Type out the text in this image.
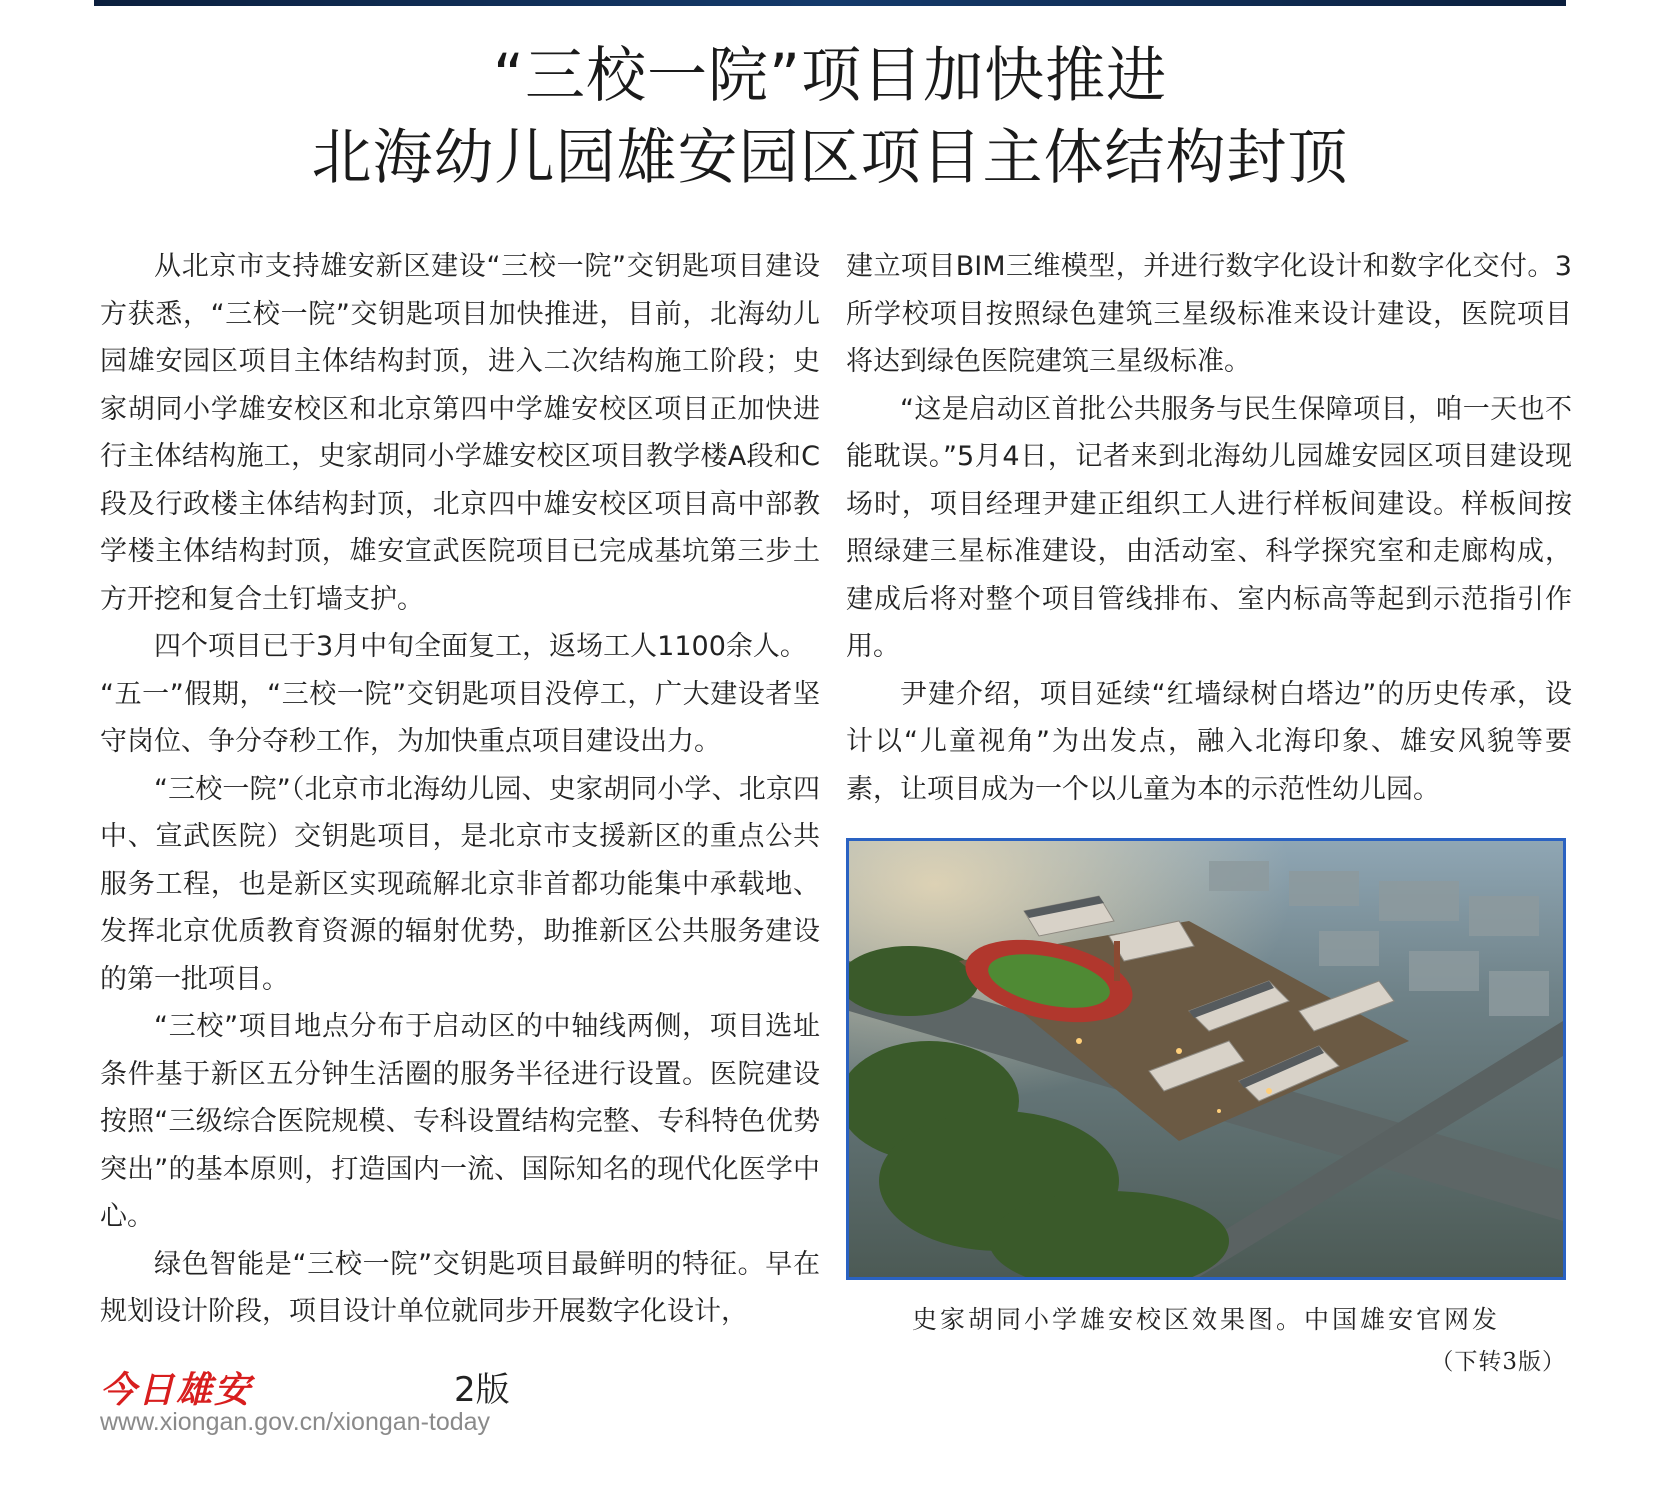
“三校一院”项目加快推进
北海幼儿园雄安园区项目主体结构封顶

从北京市支持雄安新区建设“三校一院”交钥匙项目建设方获悉，“三校一院”交钥匙项目加快推进，目前，北海幼儿园雄安园区项目主体结构封顶，进入二次结构施工阶段；史家胡同小学雄安校区和北京第四中学雄安校区项目正加快进行主体结构施工，史家胡同小学雄安校区项目教学楼A段和C段及行政楼主体结构封顶，北京四中雄安校区项目高中部教学楼主体结构封顶，雄安宣武医院项目已完成基坑第三步土方开挖和复合土钉墙支护。

四个项目已于3月中旬全面复工，返场工人1100余人。

“五一”假期，“三校一院”交钥匙项目没停工，广大建设者坚守岗位、争分夺秒工作，为加快重点项目建设出力。

“三校一院”（北京市北海幼儿园、史家胡同小学、北京四中、宣武医院）交钥匙项目，是北京市支援新区的重点公共服务工程，也是新区实现疏解北京非首都功能集中承载地、发挥北京优质教育资源的辐射优势，助推新区公共服务建设的第一批项目。

“三校”项目地点分布于启动区的中轴线两侧，项目选址条件基于新区五分钟生活圈的服务半径进行设置。医院建设按照“三级综合医院规模、专科设置结构完整、专科特色优势突出”的基本原则，打造国内一流、国际知名的现代化医学中心。

绿色智能是“三校一院”交钥匙项目最鲜明的特征。早在规划设计阶段，项目设计单位就同步开展数字化设计，

建立项目BIM三维模型，并进行数字化设计和数字化交付。3所学校项目按照绿色建筑三星级标准来设计建设，医院项目将达到绿色医院建筑三星级标准。

“这是启动区首批公共服务与民生保障项目，咱一天也不能耽误。”5月4日，记者来到北海幼儿园雄安园区项目建设现场时，项目经理尹建正组织工人进行样板间建设。样板间按照绿建三星标准建设，由活动室、科学探究室和走廊构成，建成后将对整个项目管线排布、室内标高等起到示范指引作用。

尹建介绍，项目延续“红墙绿树白塔边”的历史传承，设计以“儿童视角”为出发点，融入北海印象、雄安风貌等要素，让项目成为一个以儿童为本的示范性幼儿园。

史家胡同小学雄安校区效果图。中国雄安官网发
（下转3版）
今日雄安	2版
www.xiongan.gov.cn/xiongan-today
